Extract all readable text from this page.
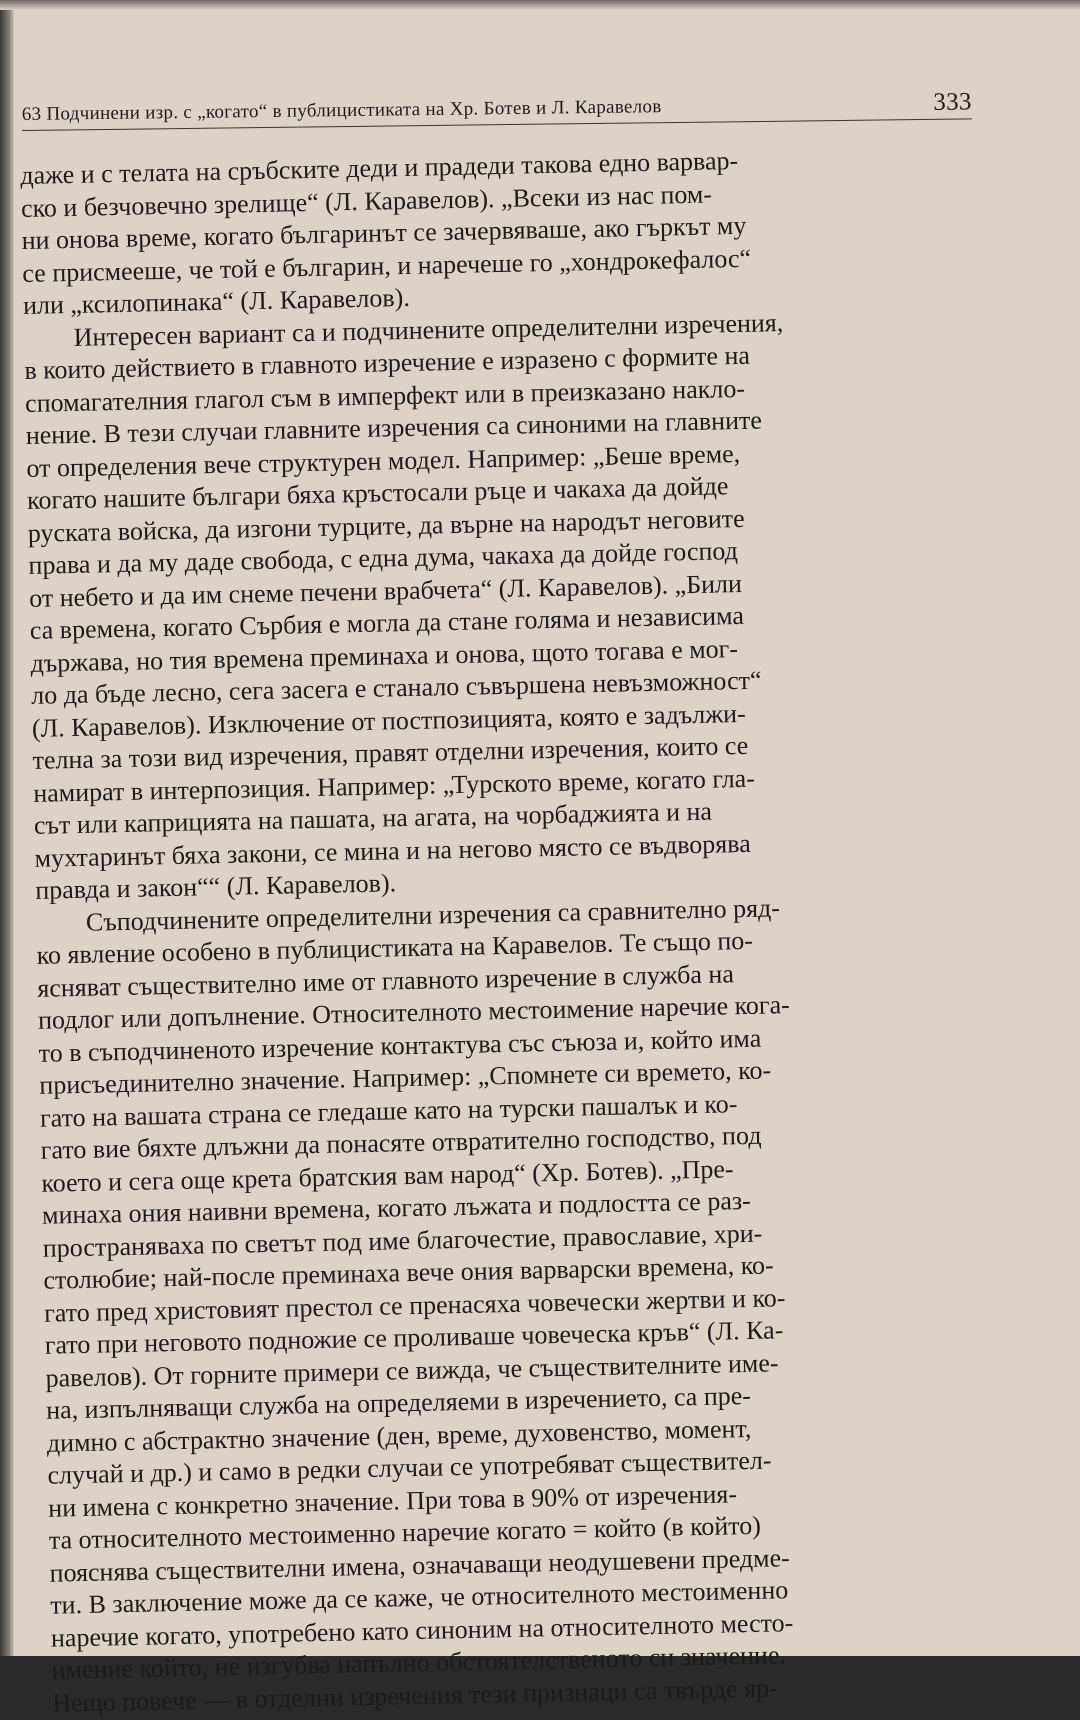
63 Подчинени изр. с „когато“ в публицистиката на Хр. Ботев и Л. Каравелов	333
даже и с телата на сръбските деди и прадеди такова едно варвар-
ско и безчовечно зрелище“ (Л. Каравелов). „Всеки из нас пом-
ни онова време, когато българинът се зачервяваше, ако гъркът му
се присмееше, че той е българин, и наречеше го „хондрокефалос“
или „ксилопинака“ (Л. Каравелов).
Интересен вариант са и подчинените определителни изречения,
в които действието в главното изречение е изразено с формите на
спомагателния глагол съм в имперфект или в преизказано накло-
нение. В тези случаи главните изречения са синоними на главните
от определения вече структурен модел. Например: „Беше време,
когато нашите българи бяха кръстосали ръце и чакаха да дойде
руската войска, да изгони турците, да върне на народът неговите
права и да му даде свобода, с една дума, чакаха да дойде господ
от небето и да им снеме печени врабчета“ (Л. Каравелов). „Били
са времена, когато Сърбия е могла да стане голяма и независима
държава, но тия времена преминаха и онова, щото тогава е мог-
ло да бъде лесно, сега засега е станало съвършена невъзможност“
(Л. Каравелов). Изключение от постпозицията, която е задължи-
телна за този вид изречения, правят отделни изречения, които се
намират в интерпозиция. Например: „Турското време, когато гла-
сът или каприцията на пашата, на агата, на чорбаджията и на
мухтаринът бяха закони, се мина и на негово място се въдворява
правда и закон““ (Л. Каравелов).
Съподчинените определителни изречения са сравнително ряд-
ко явление особено в публицистиката на Каравелов. Те също по-
ясняват съществително име от главното изречение в служба на
подлог или допълнение. Относителното местоимение наречие кога-
то в съподчиненото изречение контактува със съюза и, който има
присъединително значение. Например: „Спомнете си времето, ко-
гато на вашата страна се гледаше като на турски пашалък и ко-
гато вие бяхте длъжни да понасяте отвратително господство, под
което и сега още крета братския вам народ“ (Хр. Ботев). „Пре-
минаха ония наивни времена, когато лъжата и подлостта се раз-
пространяваха по светът под име благочестие, православие, хри-
столюбие; най-после преминаха вече ония варварски времена, ко-
гато пред христовият престол се пренасяха човечески жертви и ко-
гато при неговото подножие се проливаше човеческа кръв“ (Л. Ка-
равелов). От горните примери се вижда, че съществителните име-
на, изпълняващи служба на определяеми в изречението, са пре-
димно с абстрактно значение (ден, време, духовенство, момент,
случай и др.) и само в редки случаи се употребяват съществител-
ни имена с конкретно значение. При това в 90% от изречения-
та относителното местоименно наречие когато = който (в който)
пояснява съществителни имена, означаващи неодушевени предме-
ти. В заключение може да се каже, че относителното местоименно
наречие когато, употребено като синоним на относителното место-
имение който, не изгубва напълно обстоятелственото си значение.
Нещо повече — в отделни изречения тези признаци са твърде яр-
